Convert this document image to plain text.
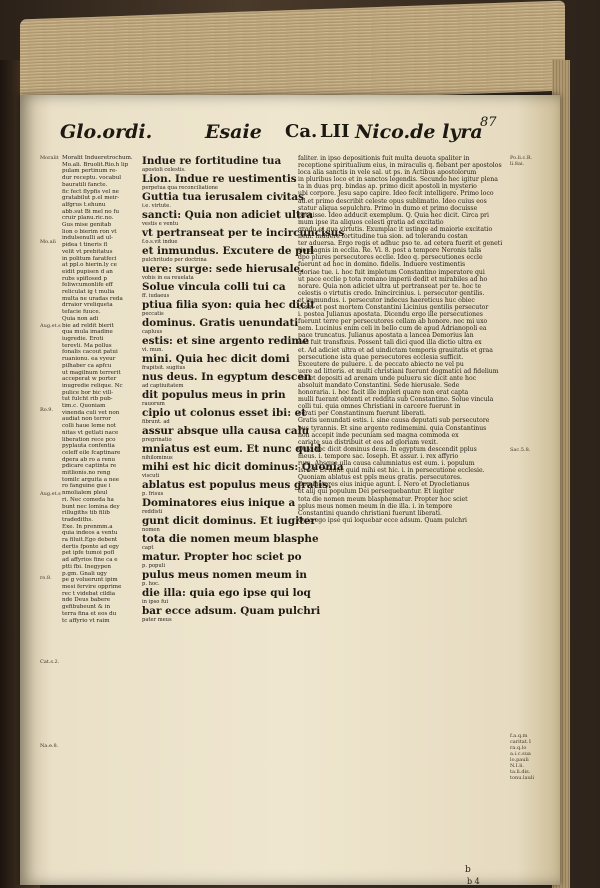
Glo.ordi.	Esaie Ca. LII Nico.de lyra
87

Moralit Indueretrochum.

Mo.ali. Bruolit.Rio.h lip

pulam pertinum re-

dur receptu. vocabul

bauratili fancte.

fic fect flypfis vel ne

gratabilut p.el meir-

alfgrus t.ehunu

abb.sut Bi mel no fu

cruir planu.ric.no.

Gus mise genitab

lion o bierim ron vt

indulsenulli ad ul-

pidea t tineris fl

velit vt prebitatus

in politum faratfeci

at ppl.o hierin.ly ce

eidit pupisen d an

rubs spiflosed p

feliwcumonlife eff

reliculat ig t mulia

multa ne uradas reda

drraior vreliqueta

tefacie fuuce.

Quia non adi

bie ad reldit bierit

qua mula imadine

iugredie. Eroti

terevli. Ma pollus

fonalis cacout patui

ruanionu. ea vyeur

pilhaber ca apfcu

ut magilnum terrerit

acceperat w porter

inugredie relique. Nc

pulice bor bic vill-

tut fulcht rib pub-

tim.c. Quoniam

vinenda culi vet non

audiat non terror

colli haue leme not

nitas vt getlati nace

liberation rece pco

pyplauta confentia

celeff eile fcaptinare

dpera ab ro a renu

pdicare captinta re

mitlionis.no reng

tomilc arguita a nee

ro fanguine gue i

nmolialem pleul

ri. Nec comeda ha

bunt nec lomina dey

rillugiths tib filib

tradediths.

Exe. In prenmm.a

quia indeos a ventu

ra filuit.Ego debent

dertis fponte ad egy

pet ipfe tumoi pofl

ad affyrios fine ca e

ptti fbi. Inegypen

p.gm. Gnali ugy

pe g voluerunt ipim

mesi fervire opprime

rec t videbat cildia

nde Deus babere

gefibubeunt & in

terra fina et eos du

tc affyrio vt raim

Indue re fortitudine tua

apostoli celestis.

Lion. Indue re uestimentis

perpetua qua reconciliatione

Guttia tua ierusalem civitas

i.e. virtute.

sancti: Quia non adiciet ultra

vestis e ventu

vt pertranseat per te incircuncisus

f.o.s.vit indue

et inmundus. Excutere de pul

pulchritudo per doctrina

uere: surge: sede hierusale.

vobis in ea reuelata

Solue vincula colli tui ca

ff. iudaeus

ptiua filia syon: quia hec dicit

peccatis

dominus. Gratis uenundati

capluus

estis: et sine argento redime

vi. mun.

mini. Quia hec dicit domi

frapitsit. sugitus

nus deus. In egyptum descen

ad captiuitatem

dit populus meus in prin

rauorum

cipio ut colonus esset ibi: et

fibrunt. ad

assur absque ulla causa calu

pregrinatio

mniatus est eum. Et nunc quid

nihilominus

mihi est hic dicit dominus: Quonia

viscuti

ablatus est populus meus gratis.

p. frisus

Dominatores eius inique a

reddisti

gunt dicit dominus. Et iugiter

nomen

tota die nomen meum blasphe

capt

matur. Propter hoc sciet po

p. populi

pulus meus nomen meum in

p. hoc.

die illa: quia ego ipse qui loq

in ipso fui

bar ecce adsum. Quam pulchri

pater meus

faliter. in ipso depositionis fuit multa deuota spaliter in

receptione spiritualium eius, in miraculis q. fiebant per apostolos

loca alia sanctis in vele sal. ut ps. in Actibus apostolorum

in pluribus loco et in sanctos legendis. Secundo hec igitur plena

ta in duas prq. bindas ap. primo dicit apostoli in mysterio

ubi corpore. Jesu sapo capire. Ideo fecit intelligere. Primo loco

ad.et primo describit celeste opus sublimatio. Ideo cuius eos

statur aliqua sepulchra. Primo in dumo et primo docuisse

posuisse. Ideo adducit exemplum. Q. Quia hec dicit. Circa pri

mum ipse ita aliquos celesti gratia ad excitatio

gradu et qua virtutis. Exumplac it ustinge ad maiorie excitatio

nem. Induere fortitudine tua sion. ad tolerandu costan

ter aduersa. Ergo regis et adhuc pso te. ad cetera fuerit et geneti

tio magnis in ecclia. Re. Vi. 8. post a tempore Neronis talis

dpo plures persecutores ecclie. Ideo q. persecutiones eccle

fuerunt ad hoc in domino. fidelis. Induere vestimentis

gloriae tue. i. hoc fuit impletum Constantino imperatore qui

ut pace ecclie p tota romano imperii dedit et mirabiles ad ho

norare. Quia non adiciet ultra ut pertranseat per te. hoc te

celestis o virtutis credo. Inincircinius. i. persecutor gentilis.

et immundus. i. persecutor indecus haereticus huc obiec

ctum et post mortem Constantini Licinius gentilis persecutor

i. postea Julianus apostata. Dicendu ergo ille persecutiones

fuerunt terre per persecutores cellam ab honore. nec mi uxo

nem. Lucinius enim celi in bello cum de apud Adrianopoli ea

pace truncatus. Julianus apostata a lancea Demorius lan

cea fuit transfixus. Possent tali dici quod illa dictio ultra ex

et. Ad adiciet ultra et ad uindictam temporis grauitatis et graa

persecutione ista quae persecutores ecclesia sufficit.

Exceutere de puluere. i. de peccato abiecto ne vel pu

uere ad litteris. et multi christiani fuerunt dogmatici ad fidelium

dei et depositi ad arenam unde pulueru sic dicit ante hoc

absoluit mandato Constantini. Sede hierusale. Sede

honoraria. i. hoc facit ille impleri quare non erat capta

mulli fuerant obtenti et reddita sub Constantino. Solue vincula

colli tui. quia omnes Christiani in carcere fuerunt in

cerati per Constantinum fuerunt liberati.

Gratis uenundati estis. i. sine causa deputati sub persecutore

bus tyrannis. Et sine argento redimemini. quia Constantinus

non accepit inde pecuniam sed magna commoda ex

cariate sua distribuit et eos ad gloriam vexit.

Quia hec dicit dominus deus. In egyptum descendit pplus

meus. i. tempore sac. Ioseph. Et assur. i. rex affyrio

rum. Absque ulla causa calumniatus est eum. i. populum

Israel. Et nunc quid mihi est hic. i. in persecutione ecclesie.

Quoniam ablatus est ppls meus gratis. persecutores.

Dominatores eius inique agunt. i. Nero et Dyocletianus

et alij qui populum Dei persequebantur. Et iugiter

tota die nomen meum blasphematur. Propter hoc sciet

pplus meus nomen meum in die illa. i. in tempore

Constantini quando christiani fuerunt liberati.

Quia ego ipse qui loquebar ecce adsum. Quam pulchri

Moralit
Mo.ali
Aug.et.s
Ro.9.
Aug.et.s
ro.8.
Cat.s.2.
Na.e.8.
Po.li.c.R.
li.8ai.
Sac.5.8.
f.a.q.m
caritat.1
ra.q.lo
a.i.c.sua
lo.pauli
N.I.li.
ta.li.dis.
tonu.lauli
b
b 4
